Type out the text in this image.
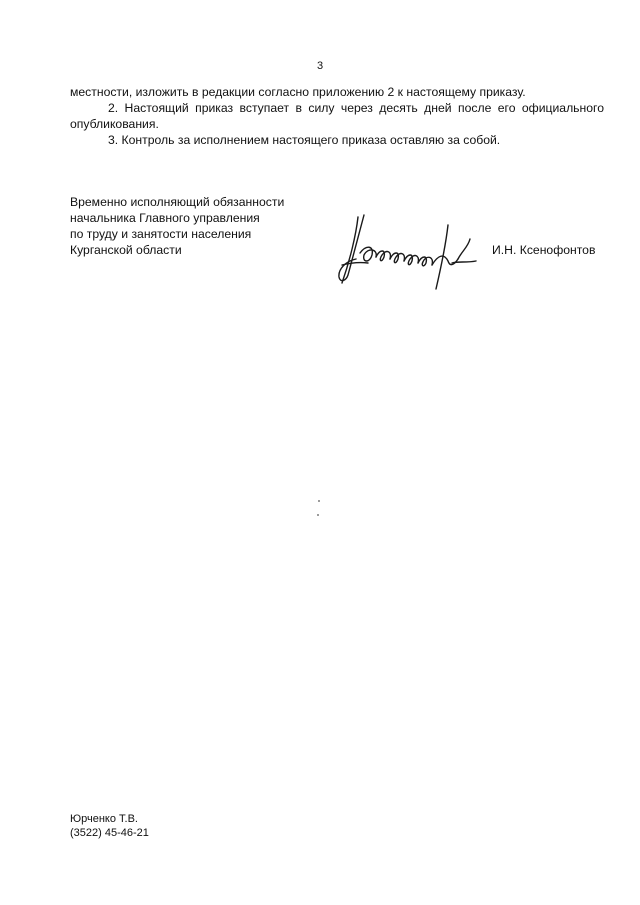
3

местности, изложить в редакции согласно приложению 2 к настоящему приказу.

2. Настоящий приказ вступает в силу через десять дней после его официального опубликования.

3. Контроль за исполнением настоящего приказа оставляю за собой.

Временно исполняющий обязанности
начальника Главного управления
по труду и занятости населения
Курганской области	И.Н. Ксенофонтов
Юрченко Т.В.
(3522) 45-46-21
